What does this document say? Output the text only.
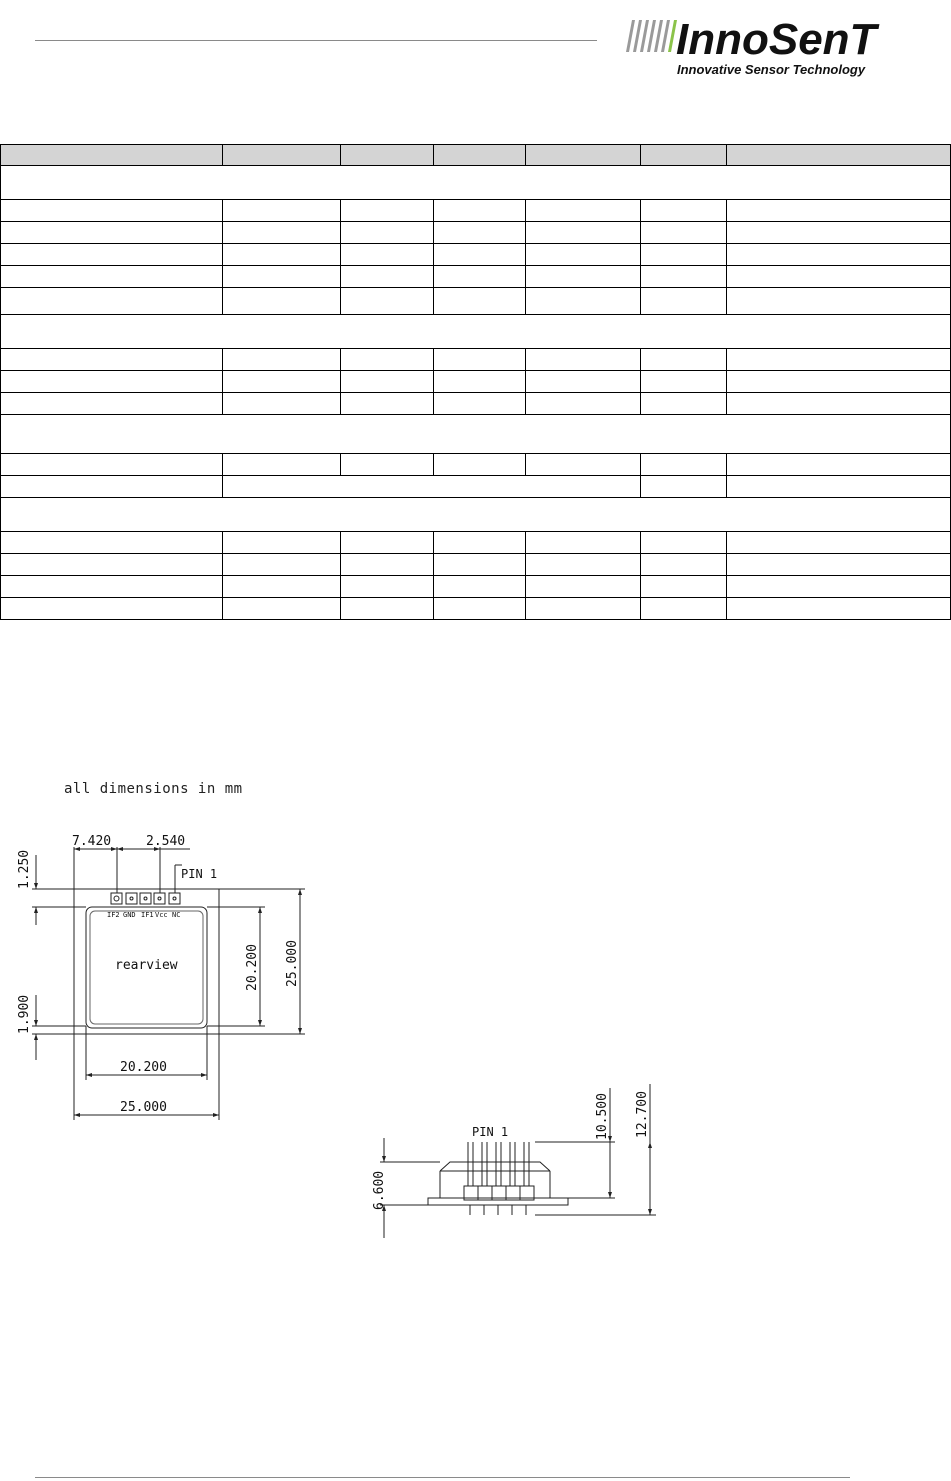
InnoSenT
Innovative Sensor Technology

all dimensions in mm
7.420	2.540
PIN 1
1.250
1.900
20.200 25.000
20.200
25.000
rearview
IF2 GND IF1 Vcc NC
PIN 1
6.600
10.500 12.700
